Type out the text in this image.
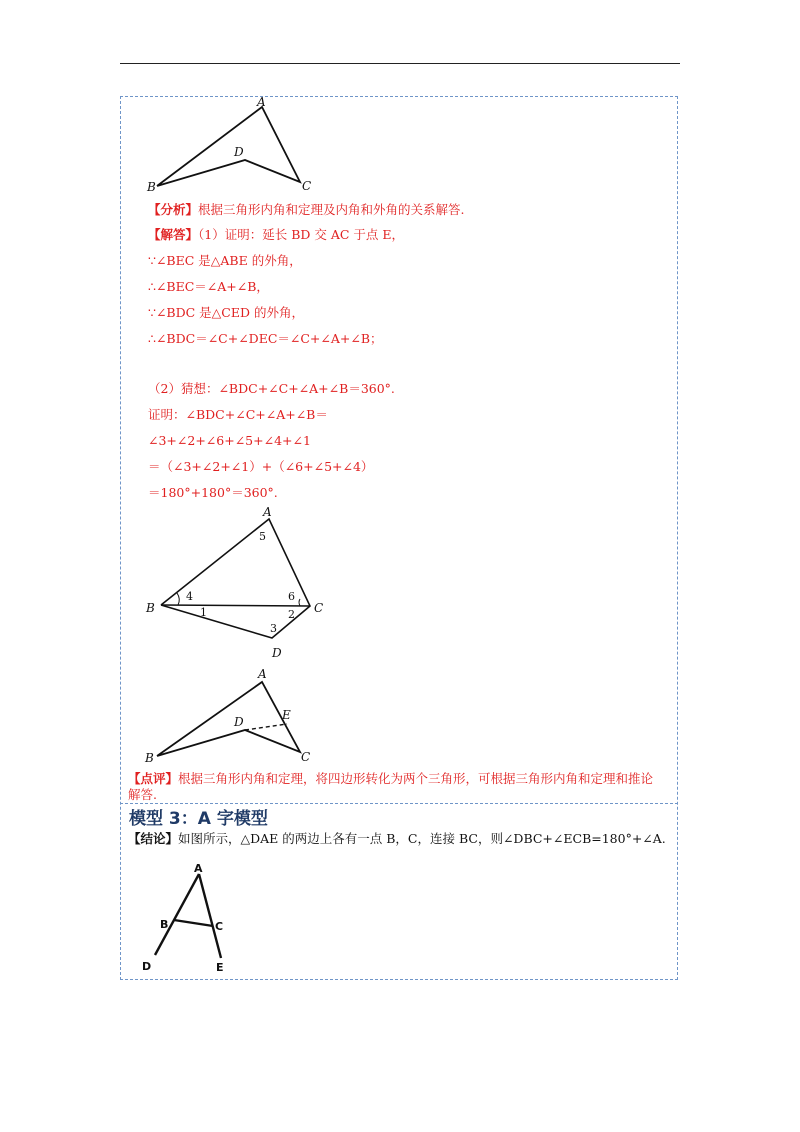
A
B	C
D
【分析】根据三角形内角和定理及内角和外角的关系解答.
【解答】（1）证明：延长 BD 交 AC 于点 E，
∵∠BEC 是△ABE 的外角，
∴∠BEC＝∠A+∠B，
∵∠BDC 是△CED 的外角，
∴∠BDC＝∠C+∠DEC＝∠C+∠A+∠B；
（2）猜想：∠BDC+∠C+∠A+∠B＝360°.
证明：∠BDC+∠C+∠A+∠B＝
∠3+∠2+∠6+∠5+∠4+∠1
＝（∠3+∠2+∠1）+（∠6+∠5+∠4）
＝180°+180°＝360°.
A
B	C
D
1	2
3
4
5
6
A
B	C
D	E
【点评】根据三角形内角和定理，将四边形转化为两个三角形，可根据三角形内角和定理和推论解答.
模型 3：A 字模型
【结论】如图所示，△DAE 的两边上各有一点 B，C，连接 BC，则∠DBC+∠ECB=180°+∠A.
A
B	C
D	E
